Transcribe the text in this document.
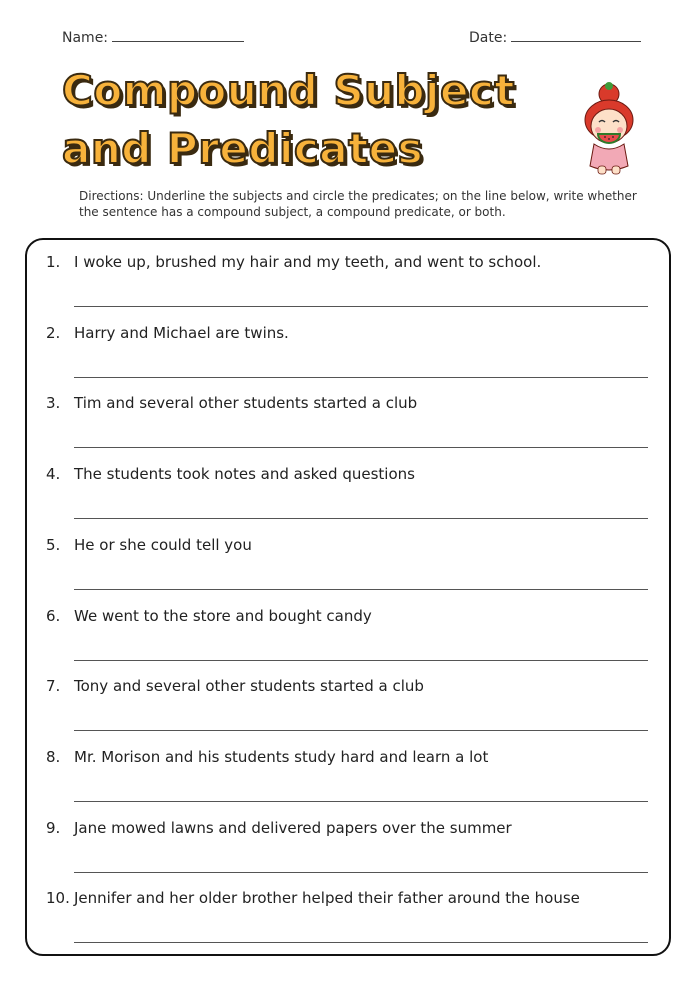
Name:	Date:
Compound Subject
and Predicates

Directions: Underline the subjects and circle the predicates; on the line below, write whether the sentence has a compound subject, a compound predicate, or both.

1. I woke up, brushed my hair and my teeth, and went to school.
2. Harry and Michael are twins.
3. Tim and several other students started a club
4. The students took notes and asked questions
5. He or she could tell you
6. We went to the store and bought candy
7. Tony and several other students started a club
8. Mr. Morison and his students study hard and learn a lot
9. Jane mowed lawns and delivered papers over the summer
10. Jennifer and her older brother helped their father around the house
